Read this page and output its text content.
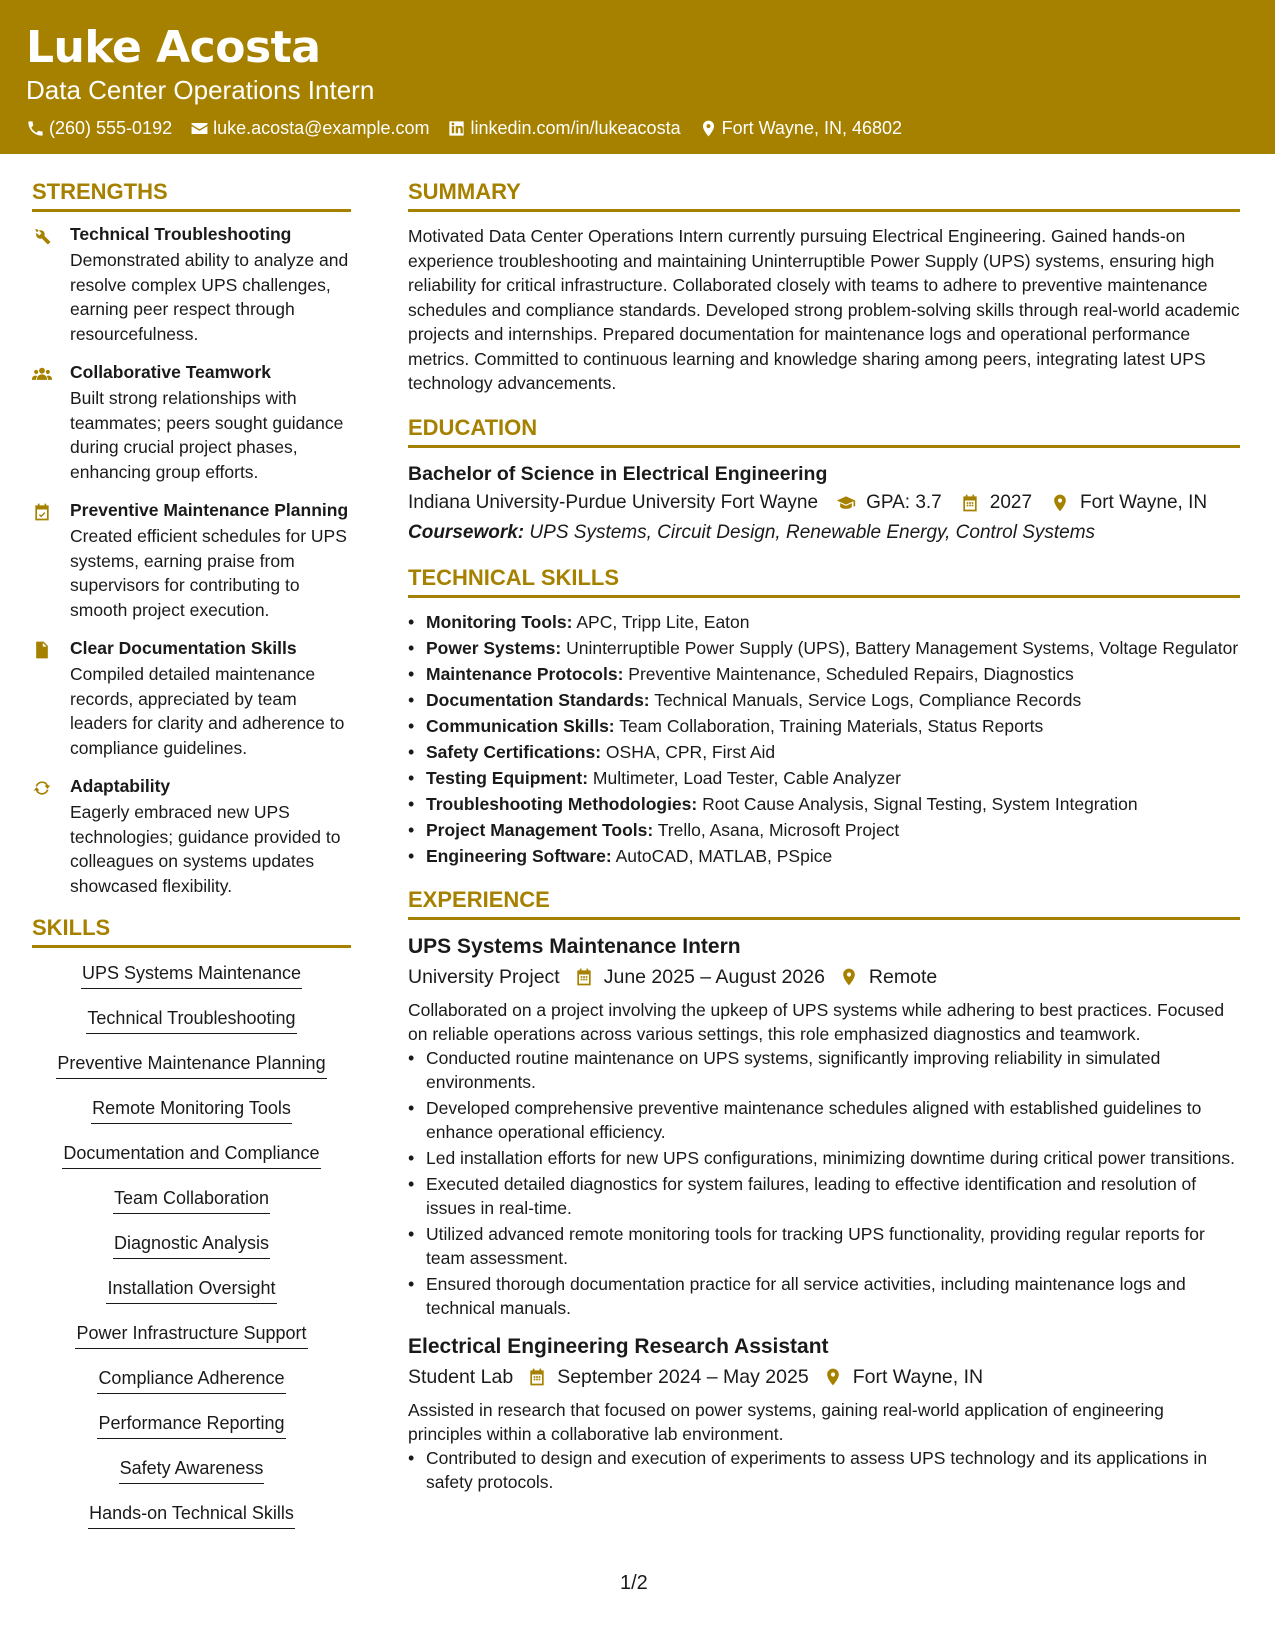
Luke Acosta
Data Center Operations Intern
(260) 555-0192 luke.acosta@example.com linkedin.com/in/lukeacosta Fort Wayne, IN, 46802
STRENGTHS
Technical Troubleshooting
Demonstrated ability to analyze and resolve complex UPS challenges, earning peer respect through resourcefulness.
Collaborative Teamwork
Built strong relationships with teammates; peers sought guidance during crucial project phases, enhancing group efforts.
Preventive Maintenance Planning
Created efficient schedules for UPS systems, earning praise from supervisors for contributing to smooth project execution.
Clear Documentation Skills
Compiled detailed maintenance records, appreciated by team leaders for clarity and adherence to compliance guidelines.
Adaptability
Eagerly embraced new UPS technologies; guidance provided to colleagues on systems updates showcased flexibility.
SKILLS
UPS Systems Maintenance
Technical Troubleshooting
Preventive Maintenance Planning
Remote Monitoring Tools
Documentation and Compliance
Team Collaboration
Diagnostic Analysis
Installation Oversight
Power Infrastructure Support
Compliance Adherence
Performance Reporting
Safety Awareness
Hands-on Technical Skills
SUMMARY
Motivated Data Center Operations Intern currently pursuing Electrical Engineering. Gained hands-on experience troubleshooting and maintaining Uninterruptible Power Supply (UPS) systems, ensuring high reliability for critical infrastructure. Collaborated closely with teams to adhere to preventive maintenance schedules and compliance standards. Developed strong problem-solving skills through real-world academic projects and internships. Prepared documentation for maintenance logs and operational performance metrics. Committed to continuous learning and knowledge sharing among peers, integrating latest UPS technology advancements.
EDUCATION
Bachelor of Science in Electrical Engineering
Indiana University-Purdue University Fort Wayne	GPA: 3.7	2027	Fort Wayne, IN
Coursework: UPS Systems, Circuit Design, Renewable Energy, Control Systems
TECHNICAL SKILLS
• Monitoring Tools: APC, Tripp Lite, Eaton
• Power Systems: Uninterruptible Power Supply (UPS), Battery Management Systems, Voltage Regulator
• Maintenance Protocols: Preventive Maintenance, Scheduled Repairs, Diagnostics
• Documentation Standards: Technical Manuals, Service Logs, Compliance Records
• Communication Skills: Team Collaboration, Training Materials, Status Reports
• Safety Certifications: OSHA, CPR, First Aid
• Testing Equipment: Multimeter, Load Tester, Cable Analyzer
• Troubleshooting Methodologies: Root Cause Analysis, Signal Testing, System Integration
• Project Management Tools: Trello, Asana, Microsoft Project
• Engineering Software: AutoCAD, MATLAB, PSpice
EXPERIENCE
UPS Systems Maintenance Intern
University Project June 2025 – August 2026 Remote
Collaborated on a project involving the upkeep of UPS systems while adhering to best practices. Focused on reliable operations across various settings, this role emphasized diagnostics and teamwork.
• Conducted routine maintenance on UPS systems, significantly improving reliability in simulated environments.
• Developed comprehensive preventive maintenance schedules aligned with established guidelines to enhance operational efficiency.
• Led installation efforts for new UPS configurations, minimizing downtime during critical power transitions.
• Executed detailed diagnostics for system failures, leading to effective identification and resolution of issues in real-time.
• Utilized advanced remote monitoring tools for tracking UPS functionality, providing regular reports for team assessment.
• Ensured thorough documentation practice for all service activities, including maintenance logs and technical manuals.
Electrical Engineering Research Assistant
Student Lab September 2024 – May 2025 Fort Wayne, IN
Assisted in research that focused on power systems, gaining real-world application of engineering principles within a collaborative lab environment.
• Contributed to design and execution of experiments to assess UPS technology and its applications in safety protocols.
1/2
